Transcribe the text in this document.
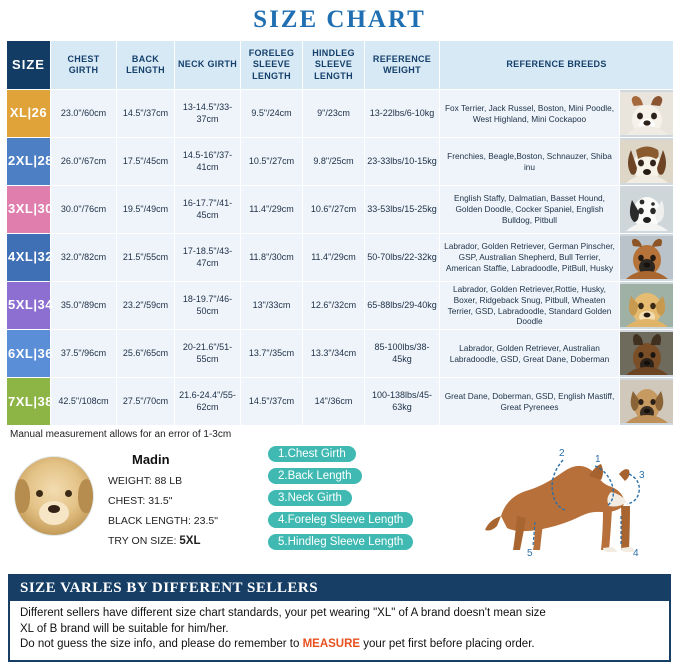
SIZE CHART
SIZE	CHEST GIRTH	BACK LENGTH	NECK GIRTH	FORELEG SLEEVE LENGTH	HINDLEG SLEEVE LENGTH	REFERENCE WEIGHT	REFERENCE BREEDS	
XL|26	23.0"/60cm	14.5"/37cm	13-14.5"/33-37cm	9.5"/24cm	9"/23cm	13-22lbs/6-10kg	Fox Terrier, Jack Russel, Boston, Mini Poodle, West Highland, Mini Cockapoo	

2XL|28	26.0"/67cm	17.5"/45cm	14.5-16"/37-41cm	10.5"/27cm	9.8"/25cm	23-33lbs/10-15kg	Frenchies, Beagle,Boston, Schnauzer, Shiba inu	

3XL|30	30.0"/76cm	19.5"/49cm	16-17.7"/41-45cm	11.4"/29cm	10.6"/27cm	33-53lbs/15-25kg	English Staffy, Dalmatian, Basset Hound, Golden Doodle, Cocker Spaniel, English Bulldog, Pitbull	

4XL|32	32.0"/82cm	21.5"/55cm	17-18.5"/43-47cm	11.8"/30cm	11.4"/29cm	50-70lbs/22-32kg	Labrador, Golden Retriever, German Pinscher, GSP, Australian Shepherd, Bull Terrier, American Staffie, Labradoodle, PitBull, Husky	

5XL|34	35.0"/89cm	23.2"/59cm	18-19.7"/46-50cm	13"/33cm	12.6"/32cm	65-88lbs/29-40kg	Labrador, Golden Retriever,Rottie, Husky, Boxer, Ridgeback Snug, Pitbull, Wheaten Terrier, GSD, Labradoodle, Standard Golden Doodle	

6XL|36	37.5"/96cm	25.6"/65cm	20-21.6"/51-55cm	13.7"/35cm	13.3"/34cm	85-100lbs/38-45kg	Labrador, Golden Retriever, Australian Labradoodle, GSD, Great Dane, Doberman	

7XL|38	42.5"/108cm	27.5"/70cm	21.6-24.4"/55-62cm	14.5"/37cm	14"/36cm	100-138lbs/45-63kg	Great Dane, Doberman, GSD, English Mastiff, Great Pyrenees	
Manual measurement allows for an error of 1-3cm
Madin
WEIGHT: 88 LB
CHEST: 31.5"
BLACK LENGTH: 23.5"
TRY ON SIZE: 5XL
1.Chest Girth
2.Back Length
3.Neck Girth
4.Foreleg Sleeve Length
5.Hindleg Sleeve Length
2
1
3
5	4
SIZE VARLES BY DIFFERENT SELLERS
Different sellers have different size chart standards, your pet wearing "XL" of A brand doesn't mean size
XL of B brand will be suitable for him/her.
Do not guess the size info, and please do remember to MEASURE your pet first before placing order.
